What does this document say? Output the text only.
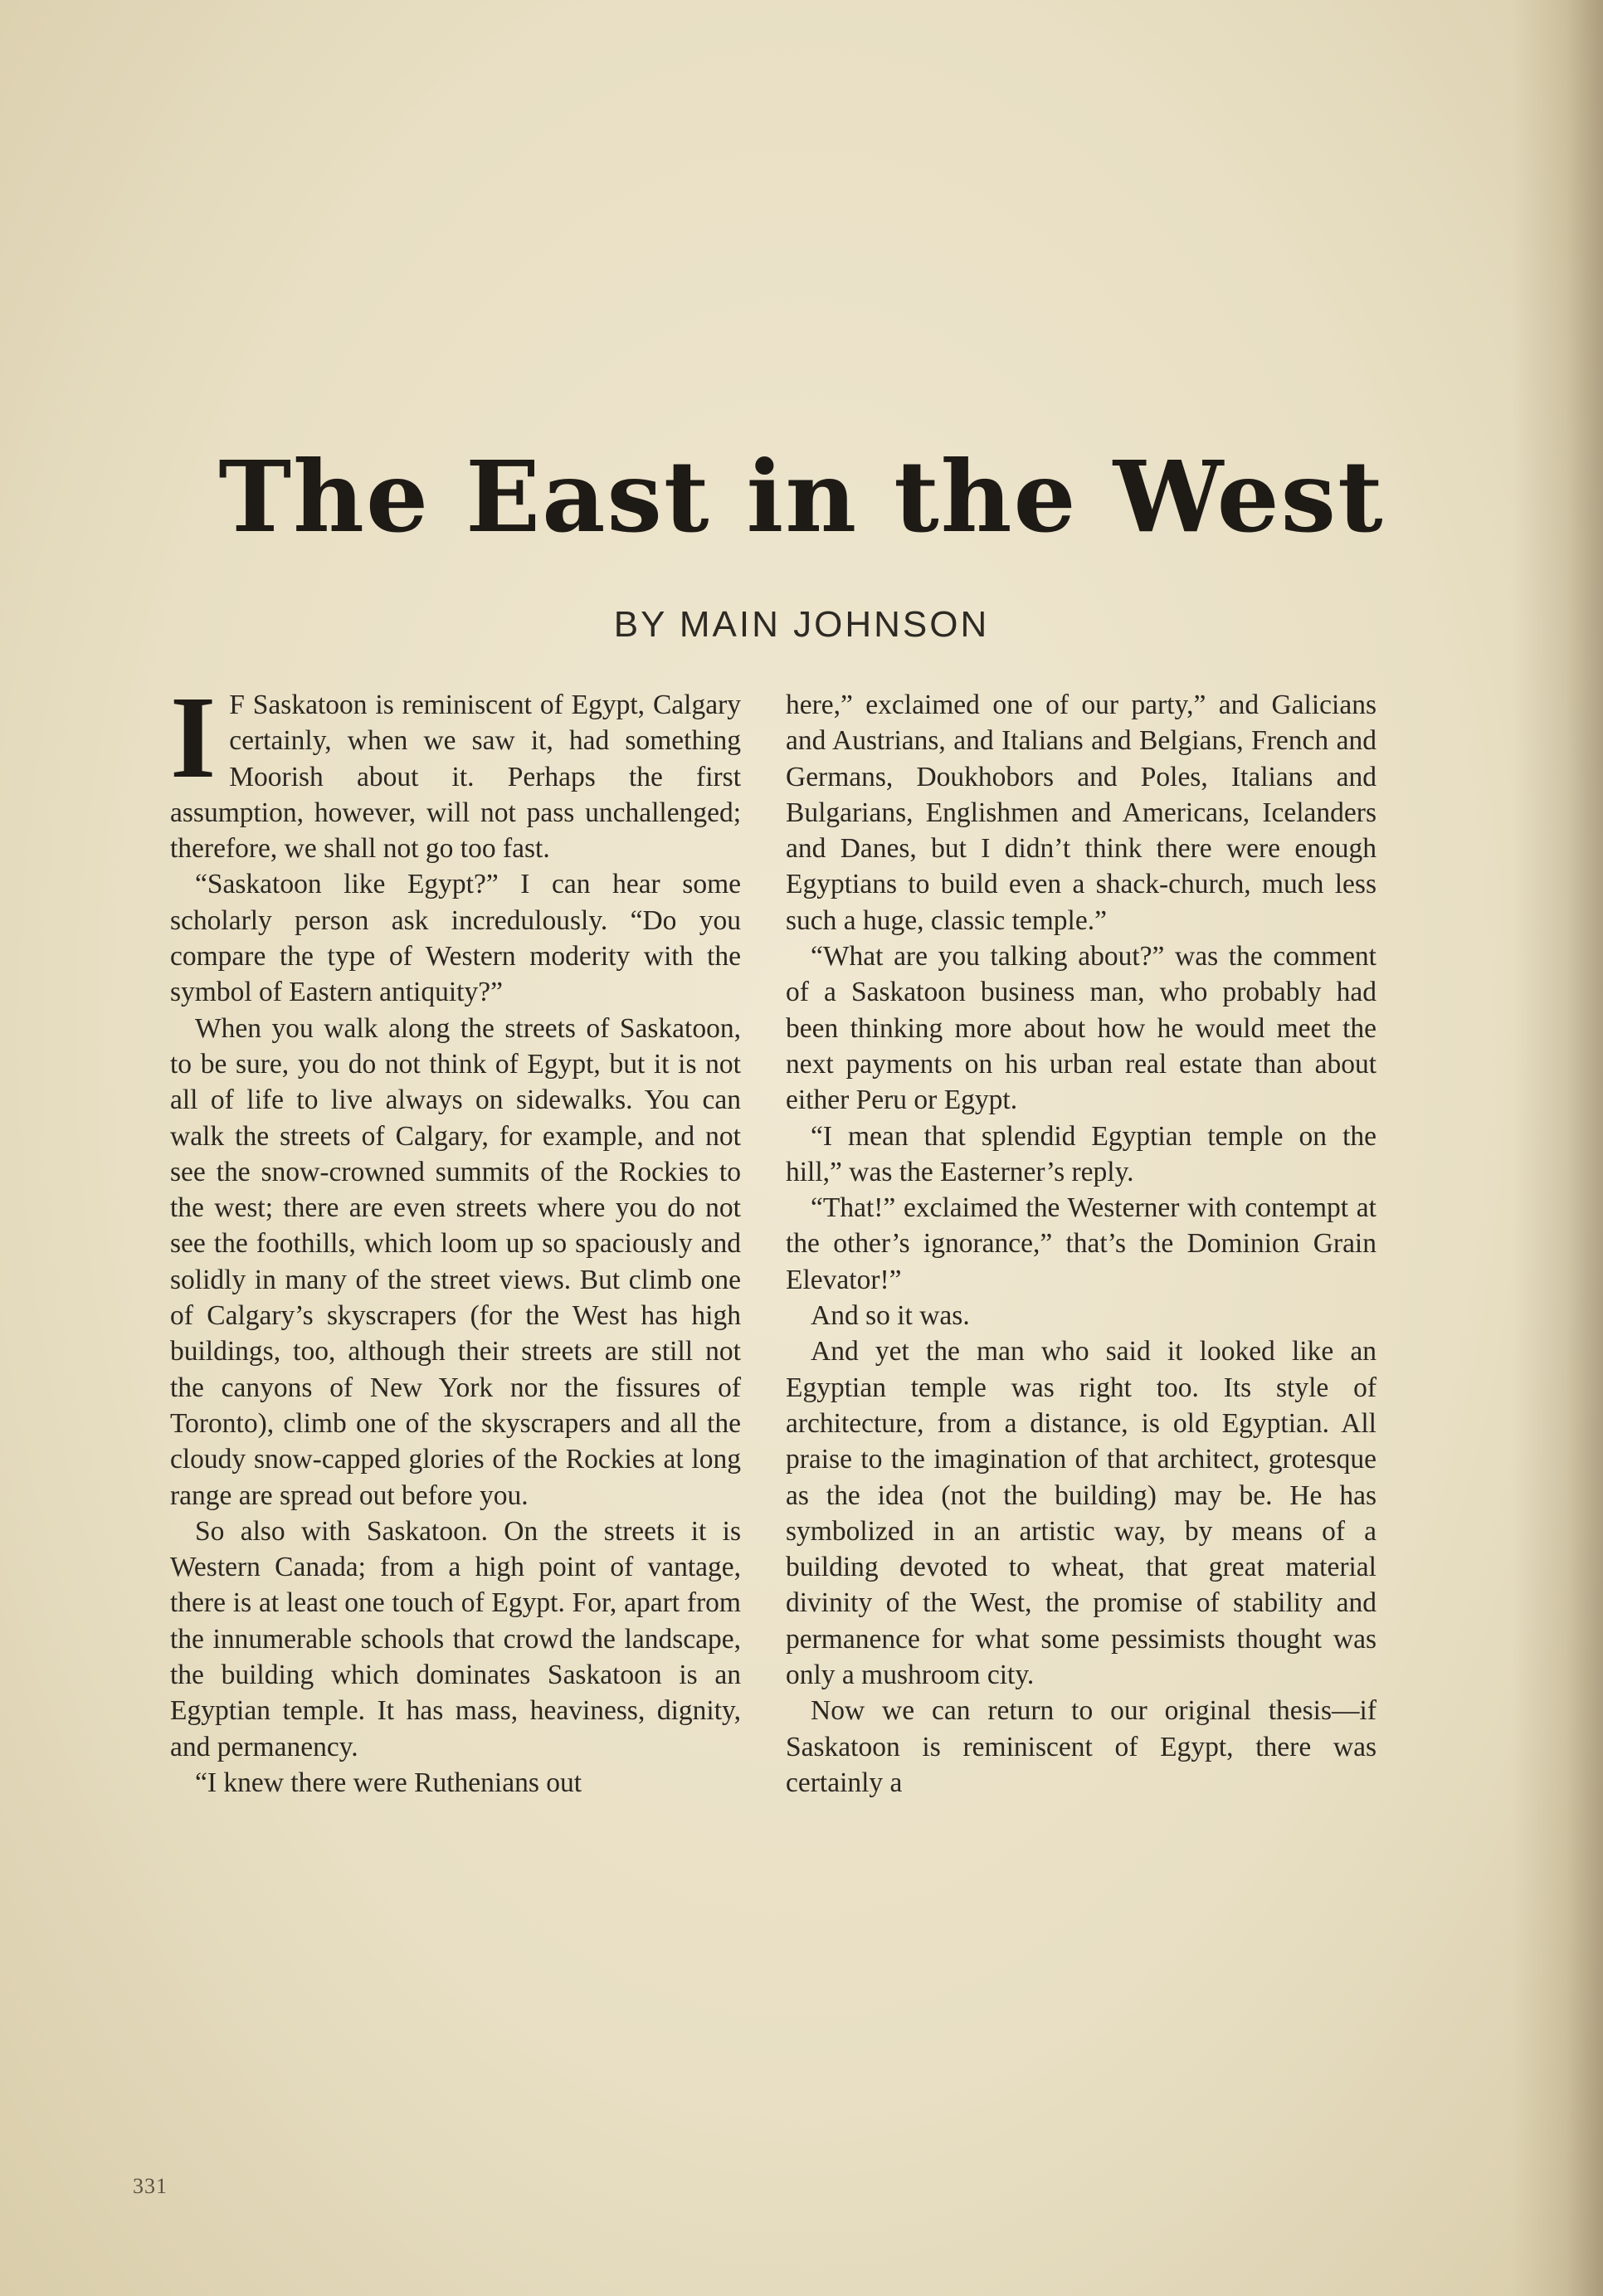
The East in the West
BY MAIN JOHNSON

I F Saskatoon is reminiscent of Egypt, Calgary certainly, when we saw it, had something Moorish about it. Perhaps the first assumption, however, will not pass unchallenged; therefore, we shall not go too fast.

“Saskatoon like Egypt?” I can hear some scholarly person ask incredulously. “Do you compare the type of Western moderity with the symbol of Eastern antiquity?”

When you walk along the streets of Saskatoon, to be sure, you do not think of Egypt, but it is not all of life to live always on sidewalks. You can walk the streets of Calgary, for example, and not see the snow-crowned summits of the Rockies to the west; there are even streets where you do not see the foothills, which loom up so spaciously and solidly in many of the street views. But climb one of Calgary’s skyscrapers (for the West has high buildings, too, although their streets are still not the canyons of New York nor the fissures of Toronto), climb one of the skyscrapers and all the cloudy snow-capped glories of the Rockies at long range are spread out before you.

So also with Saskatoon. On the streets it is Western Canada; from a high point of vantage, there is at least one touch of Egypt. For, apart from the innumerable schools that crowd the landscape, the building which dominates Saskatoon is an Egyptian temple. It has mass, heaviness, dignity, and permanency.

“I knew there were Ruthenians out

here,” exclaimed one of our party,” and Galicians and Austrians, and Italians and Belgians, French and Germans, Doukhobors and Poles, Italians and Bulgarians, Englishmen and Americans, Icelanders and Danes, but I didn’t think there were enough Egyptians to build even a shack-church, much less such a huge, classic temple.”

“What are you talking about?” was the comment of a Saskatoon business man, who probably had been thinking more about how he would meet the next payments on his urban real estate than about either Peru or Egypt.

“I mean that splendid Egyptian temple on the hill,” was the Easterner’s reply.

“That!” exclaimed the Westerner with contempt at the other’s ignorance,” that’s the Dominion Grain Elevator!”

And so it was.

And yet the man who said it looked like an Egyptian temple was right too. Its style of architecture, from a distance, is old Egyptian. All praise to the imagination of that architect, grotesque as the idea (not the building) may be. He has symbolized in an artistic way, by means of a building devoted to wheat, that great material divinity of the West, the promise of stability and permanence for what some pessimists thought was only a mushroom city.

Now we can return to our original thesis—if Saskatoon is reminiscent of Egypt, there was certainly a

331
